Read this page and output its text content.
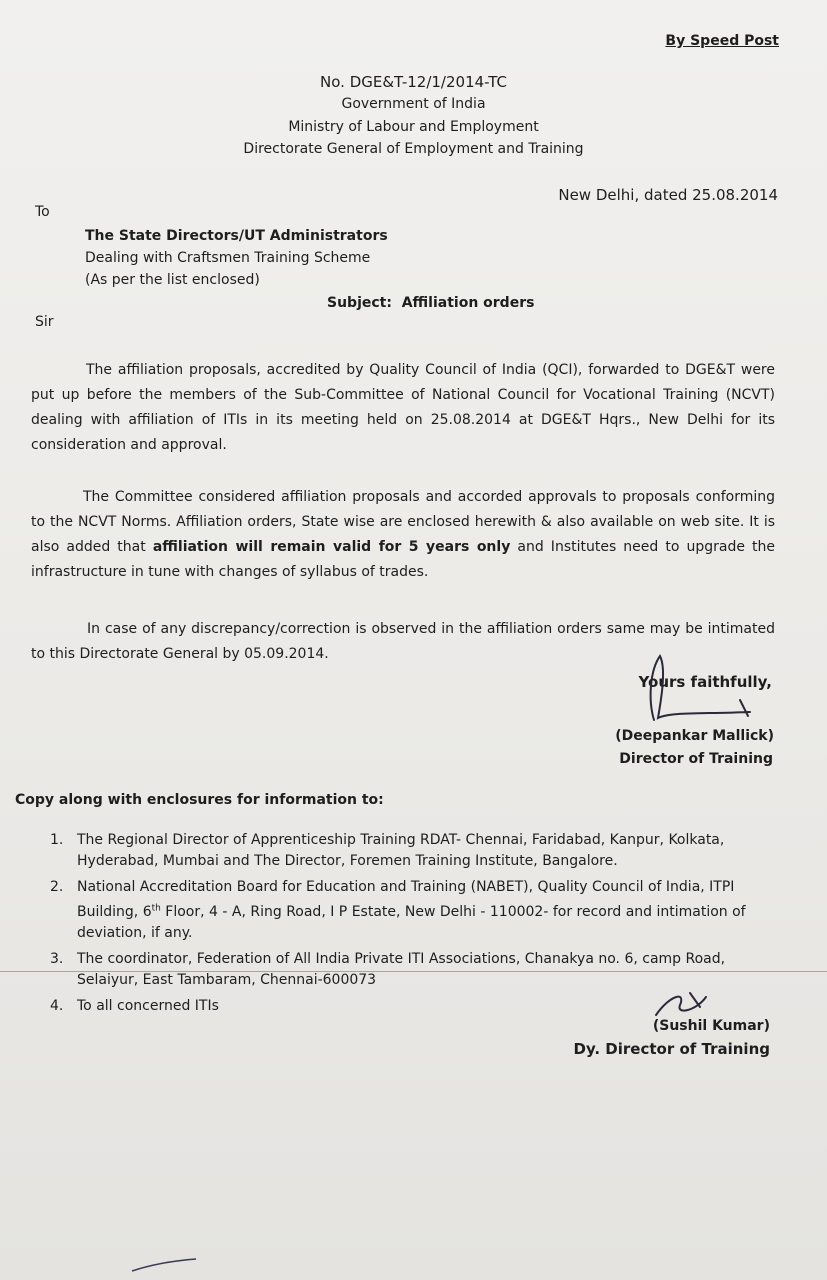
​
By Speed Post
No. DGE&T-12/1/2014-TC
Government of India
Ministry of Labour and Employment
Directorate General of Employment and Training
New Delhi, dated 25.08.2014
To
The State Directors/UT Administrators
Dealing with Craftsmen Training Scheme
(As per the list enclosed)
Subject: Affiliation orders
Sir

The affiliation proposals, accredited by Quality Council of India (QCI), forwarded to DGE&T were put up before the members of the Sub-Committee of National Council for Vocational Training (NCVT) dealing with affiliation of ITIs in its meeting held on 25.08.2014 at DGE&T Hqrs., New Delhi for its consideration and approval.

The Committee considered affiliation proposals and accorded approvals to proposals conforming to the NCVT Norms. Affiliation orders, State wise are enclosed herewith & also available on web site. It is also added that affiliation will remain valid for 5 years only and Institutes need to upgrade the infrastructure in tune with changes of syllabus of trades.

In case of any discrepancy/correction is observed in the affiliation orders same may be intimated to this Directorate General by 05.09.2014.

Yours faithfully,
(Deepankar Mallick)
Director of Training
Copy along with enclosures for information to:
1. The Regional Director of Apprenticeship Training RDAT- Chennai, Faridabad, Kanpur, Kolkata, Hyderabad, Mumbai and The Director, Foremen Training Institute, Bangalore.
2. National Accreditation Board for Education and Training (NABET), Quality Council of India, ITPI Building, 6th Floor, 4 - A, Ring Road, I P Estate, New Delhi - 110002- for record and intimation of deviation, if any.
3. The coordinator, Federation of All India Private ITI Associations, Chanakya no. 6, camp Road, Selaiyur, East Tambaram, Chennai-600073
4. To all concerned ITIs
(Sushil Kumar)
Dy. Director of Training
